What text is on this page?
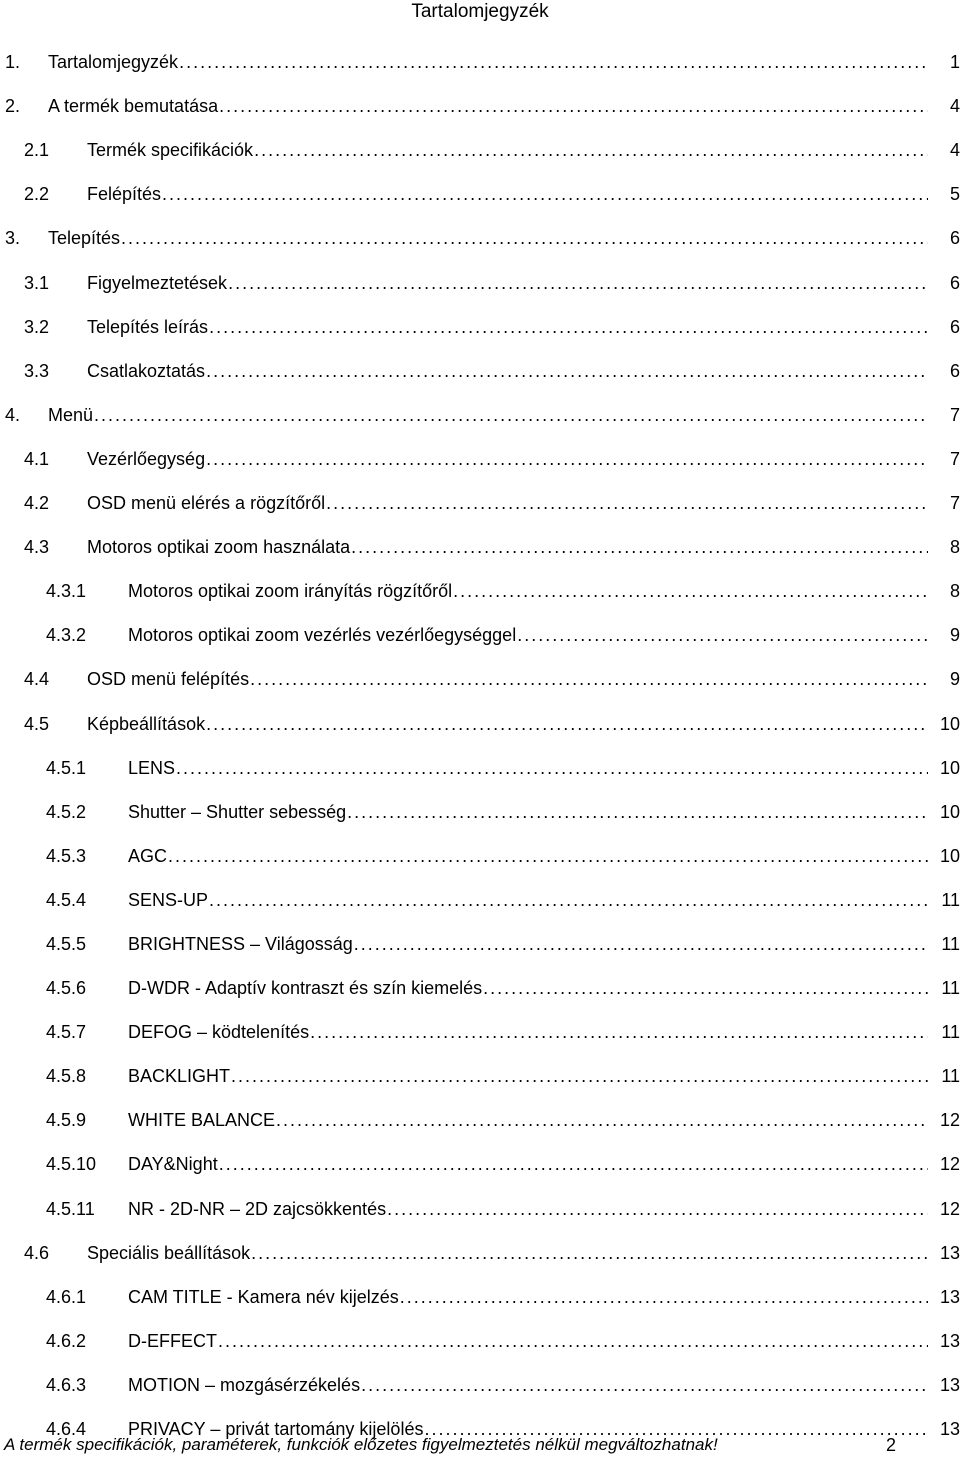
Tartalomjegyzék
1.	Tartalomjegyzék . . .	1
2.	A termék bemutatása . . .	4
2.1	Termék specifikációk . . .	4
2.2	Felépítés . . .	5
3.	Telepítés . . .	6
3.1	Figyelmeztetések . . .	6
3.2	Telepítés leírás . . .	6
3.3	Csatlakoztatás . . .	6
4.	Menü . . .	7
4.1	Vezérlőegység . . .	7
4.2	OSD menü elérés a rögzítőről . . .	7
4.3	Motoros optikai zoom használata . . .	8
4.3.1	Motoros optikai zoom irányítás rögzítőről . . .	8
4.3.2	Motoros optikai zoom vezérlés vezérlőegységgel . . .	9
4.4	OSD menü felépítés . . .	9
4.5	Képbeállítások . . .	10
4.5.1	LENS . . .	10
4.5.2	Shutter – Shutter sebesség . . .	10
4.5.3	AGC . . .	10
4.5.4	SENS-UP . . .	11
4.5.5	BRIGHTNESS – Világosság . . .	11
4.5.6	D-WDR - Adaptív kontraszt és szín kiemelés . . .	11
4.5.7	DEFOG – ködtelenítés . . .	11
4.5.8	BACKLIGHT . . .	11
4.5.9	WHITE BALANCE . . .	12
4.5.10	DAY&Night . . .	12
4.5.11	NR - 2D-NR – 2D zajcsökkentés . . .	12
4.6	Speciális beállítások . . .	13
4.6.1	CAM TITLE - Kamera név kijelzés . . .	13
4.6.2	D-EFFECT . . .	13
4.6.3	MOTION – mozgásérzékelés . . .	13
4.6.4	PRIVACY – privát tartomány kijelölés . . .	13
A termék specifikációk, paraméterek, funkciók előzetes figyelmeztetés nélkül megváltozhatnak!	2
